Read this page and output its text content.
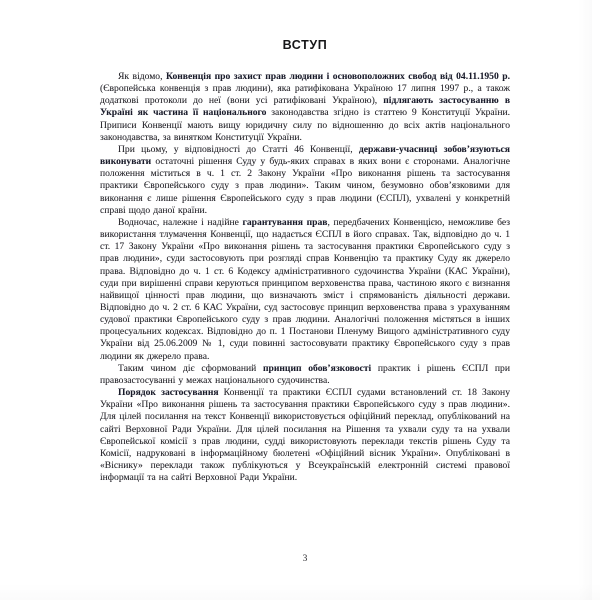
ВСТУП

Як відомо, Конвенція про захист прав людини і основоположних свобод від 04.11.1950 р. (Європейська конвенція з прав людини), яка ратифікована Україною 17 липня 1997 р., а також додаткові протоколи до неї (вони усі ратифіковані Україною), підлягають застосуванню в Україні як частина її національного законодавства згідно із статтею 9 Конституції України. Приписи Конвенції мають вищу юридичну силу по відношенню до всіх актів національного законодавства, за винятком Конституції України.

При цьому, у відповідності до Статті 46 Конвенції, держави-учасниці зобов’язуються виконувати остаточні рішення Суду у будь-яких справах в яких вони є сторонами. Аналогічне положення міститься в ч. 1 ст. 2 Закону України «Про виконання рішень та застосування практики Європейського суду з прав людини». Таким чином, безумовно обов’язковими для виконання є лише рішення Європейського суду з прав людини (ЄСПЛ), ухвалені у конкретній справі щодо даної країни.

Водночас, належне і надійне гарантування прав, передбачених Конвенцією, неможливе без використання тлумачення Конвенції, що надається ЄСПЛ в його справах. Так, відповідно до ч. 1 ст. 17 Закону України «Про виконання рішень та застосування практики Європейського суду з прав людини», суди застосовують при розгляді справ Конвенцію та практику Суду як джерело права. Відповідно до ч. 1 ст. 6 Кодексу адміністративного судочинства України (КАС України), суди при вирішенні справи керуються принципом верховенства права, частиною якого є визнання найвищої цінності прав людини, що визначають зміст і спрямованість діяльності держави. Відповідно до ч. 2 ст. 6 КАС України, суд застосовує принцип верховенства права з урахуванням судової практики Європейського суду з прав людини. Аналогічні положення містяться в інших процесуальних кодексах. Відповідно до п. 1 Постанови Пленуму Вищого адміністративного суду України від 25.06.2009 № 1, суди повинні застосовувати практику Європейського суду з прав людини як джерело права.

Таким чином діє сформований принцип обов’язковості практик і рішень ЄСПЛ при правозастосуванні у межах національного судочинства.

Порядок застосування Конвенції та практики ЄСПЛ судами встановлений ст. 18 Закону України «Про виконання рішень та застосування практики Європейського суду з прав людини». Для цілей посилання на текст Конвенції використовується офіційний переклад, опублікований на сайті Верховної Ради України. Для цілей посилання на Рішення та ухвали суду та на ухвали Європейської комісії з прав людини, судді використовують переклади текстів рішень Суду та Комісії, надруковані в інформаційному бюлетені «Офіційний вісник України». Опубліковані в «Віснику» переклади також публікуються у Всеукраїнській електронній системі правової інформації та на сайті Верховної Ради України.

3
